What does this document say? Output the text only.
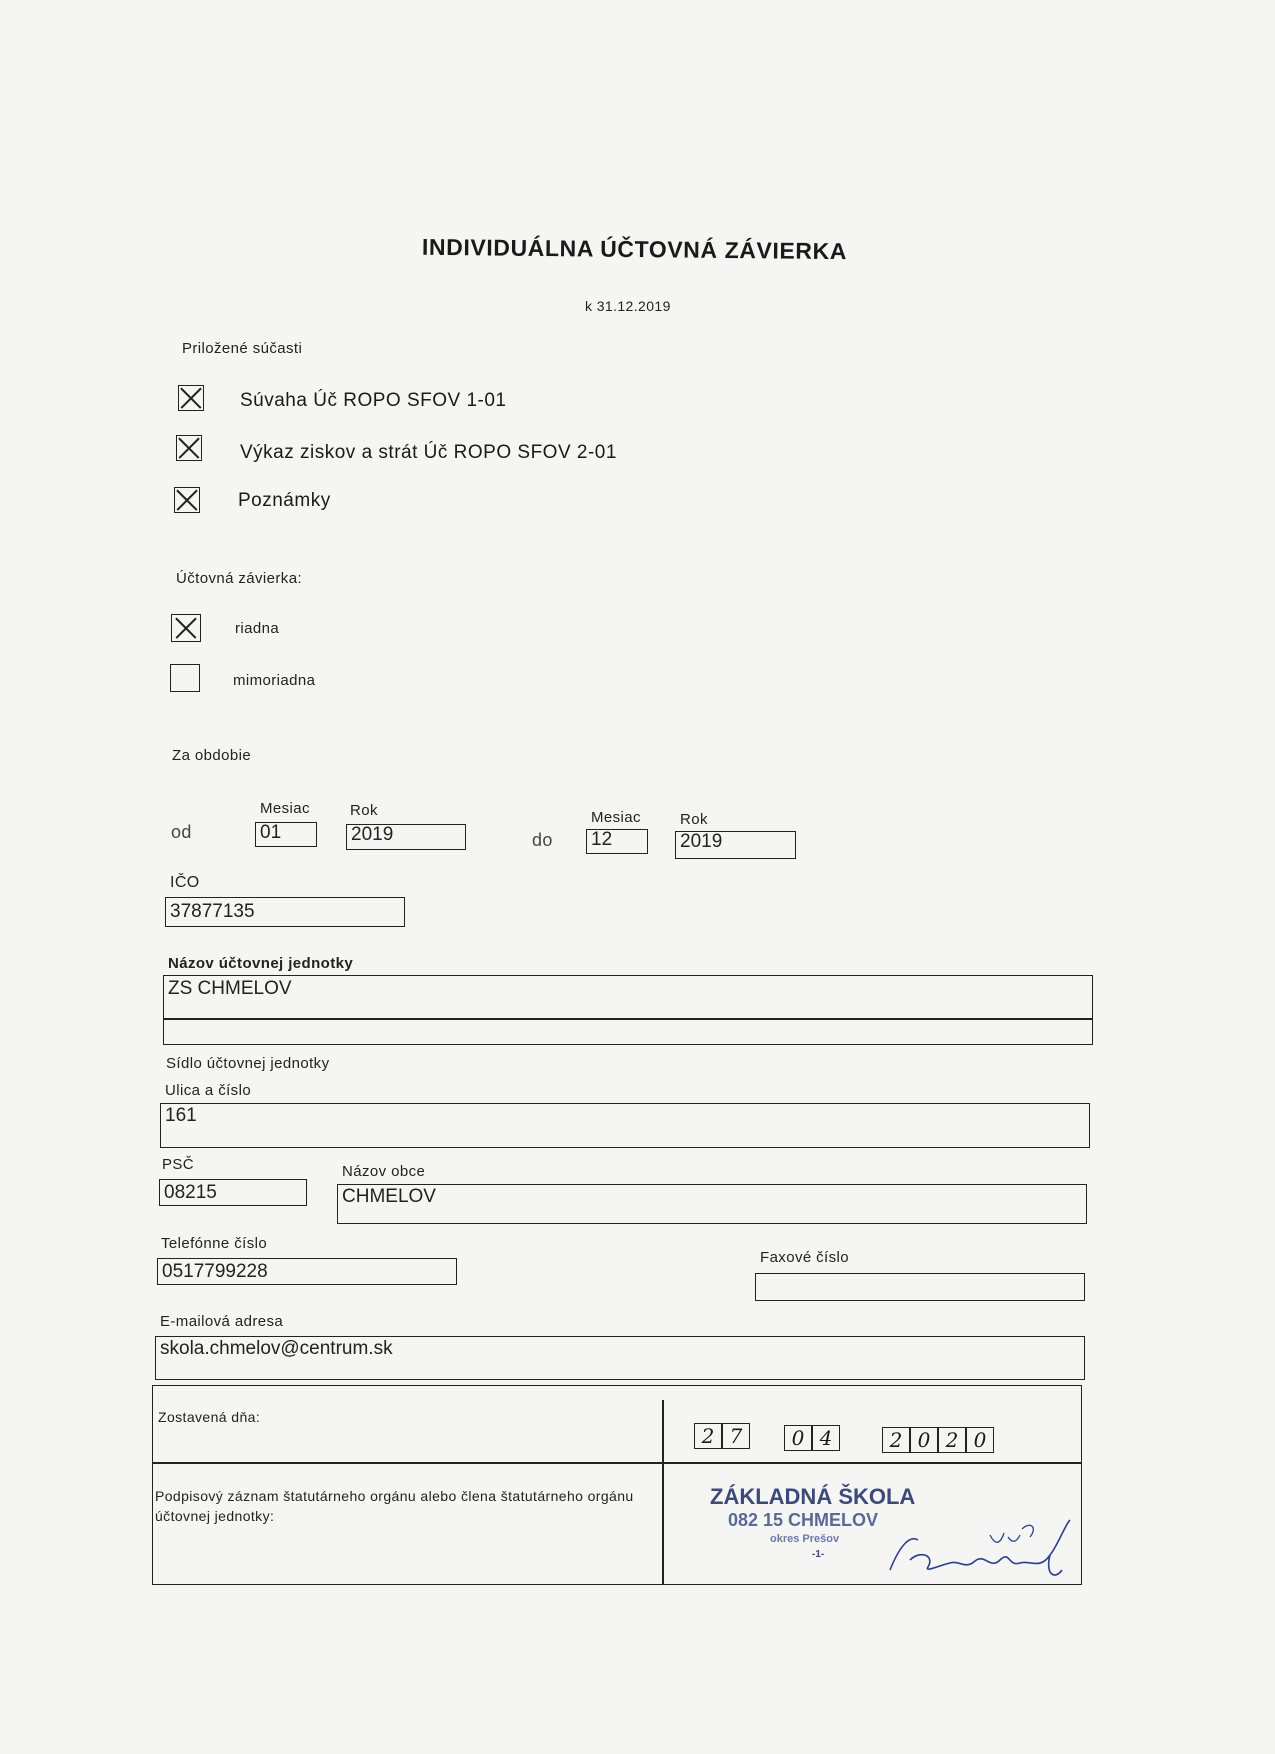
INDIVIDUÁLNA ÚČTOVNÁ ZÁVIERKA
k 31.12.2019
Priložené súčasti
Súvaha Úč ROPO SFOV 1-01
Výkaz ziskov a strát Úč ROPO SFOV 2-01
Poznámky
Účtovná závierka:
riadna
mimoriadna
Za obdobie
Mesiac	Rok
od	01	2019
Mesiac	Rok
do 12	2019
IČO
37877135
Názov účtovnej jednotky
ZS CHMELOV
Sídlo účtovnej jednotky
Ulica a číslo
161
PSČ
08215
Názov obce
CHMELOV
Telefónne číslo
0517799228
Faxové číslo
E-mailová adresa
skola.chmelov@centrum.sk
Zostavená dňa:
2 7	0 4	2 0 2 0
Podpisový záznam štatutárneho orgánu alebo člena štatutárneho orgánu účtovnej jednotky:
ZÁKLADNÁ ŠKOLA
082 15 CHMELOV
okres Prešov
-1-
